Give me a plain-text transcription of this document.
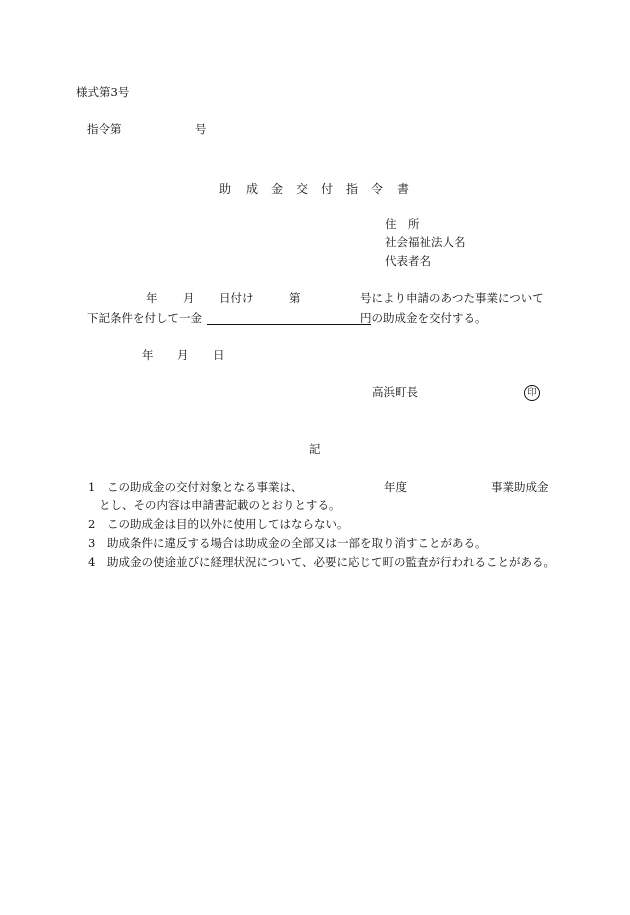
様式第3号
指令第	号
助 成 金 交 付 指 令 書
住　所
社会福祉法人名
代表者名
年 月 日付け	第	号により申請のあつた事業について
下記条件を付して一金	円の助成金を交付する。
年 月 日
高浜町長	印
記
1 この助成金の交付対象となる事業は、	年度	事業助成金
とし、その内容は申請書記載のとおりとする。
2 この助成金は目的以外に使用してはならない。
3 助成条件に違反する場合は助成金の全部又は一部を取り消すことがある。
4 助成金の使途並びに経理状況について、必要に応じて町の監査が行われることがある。
